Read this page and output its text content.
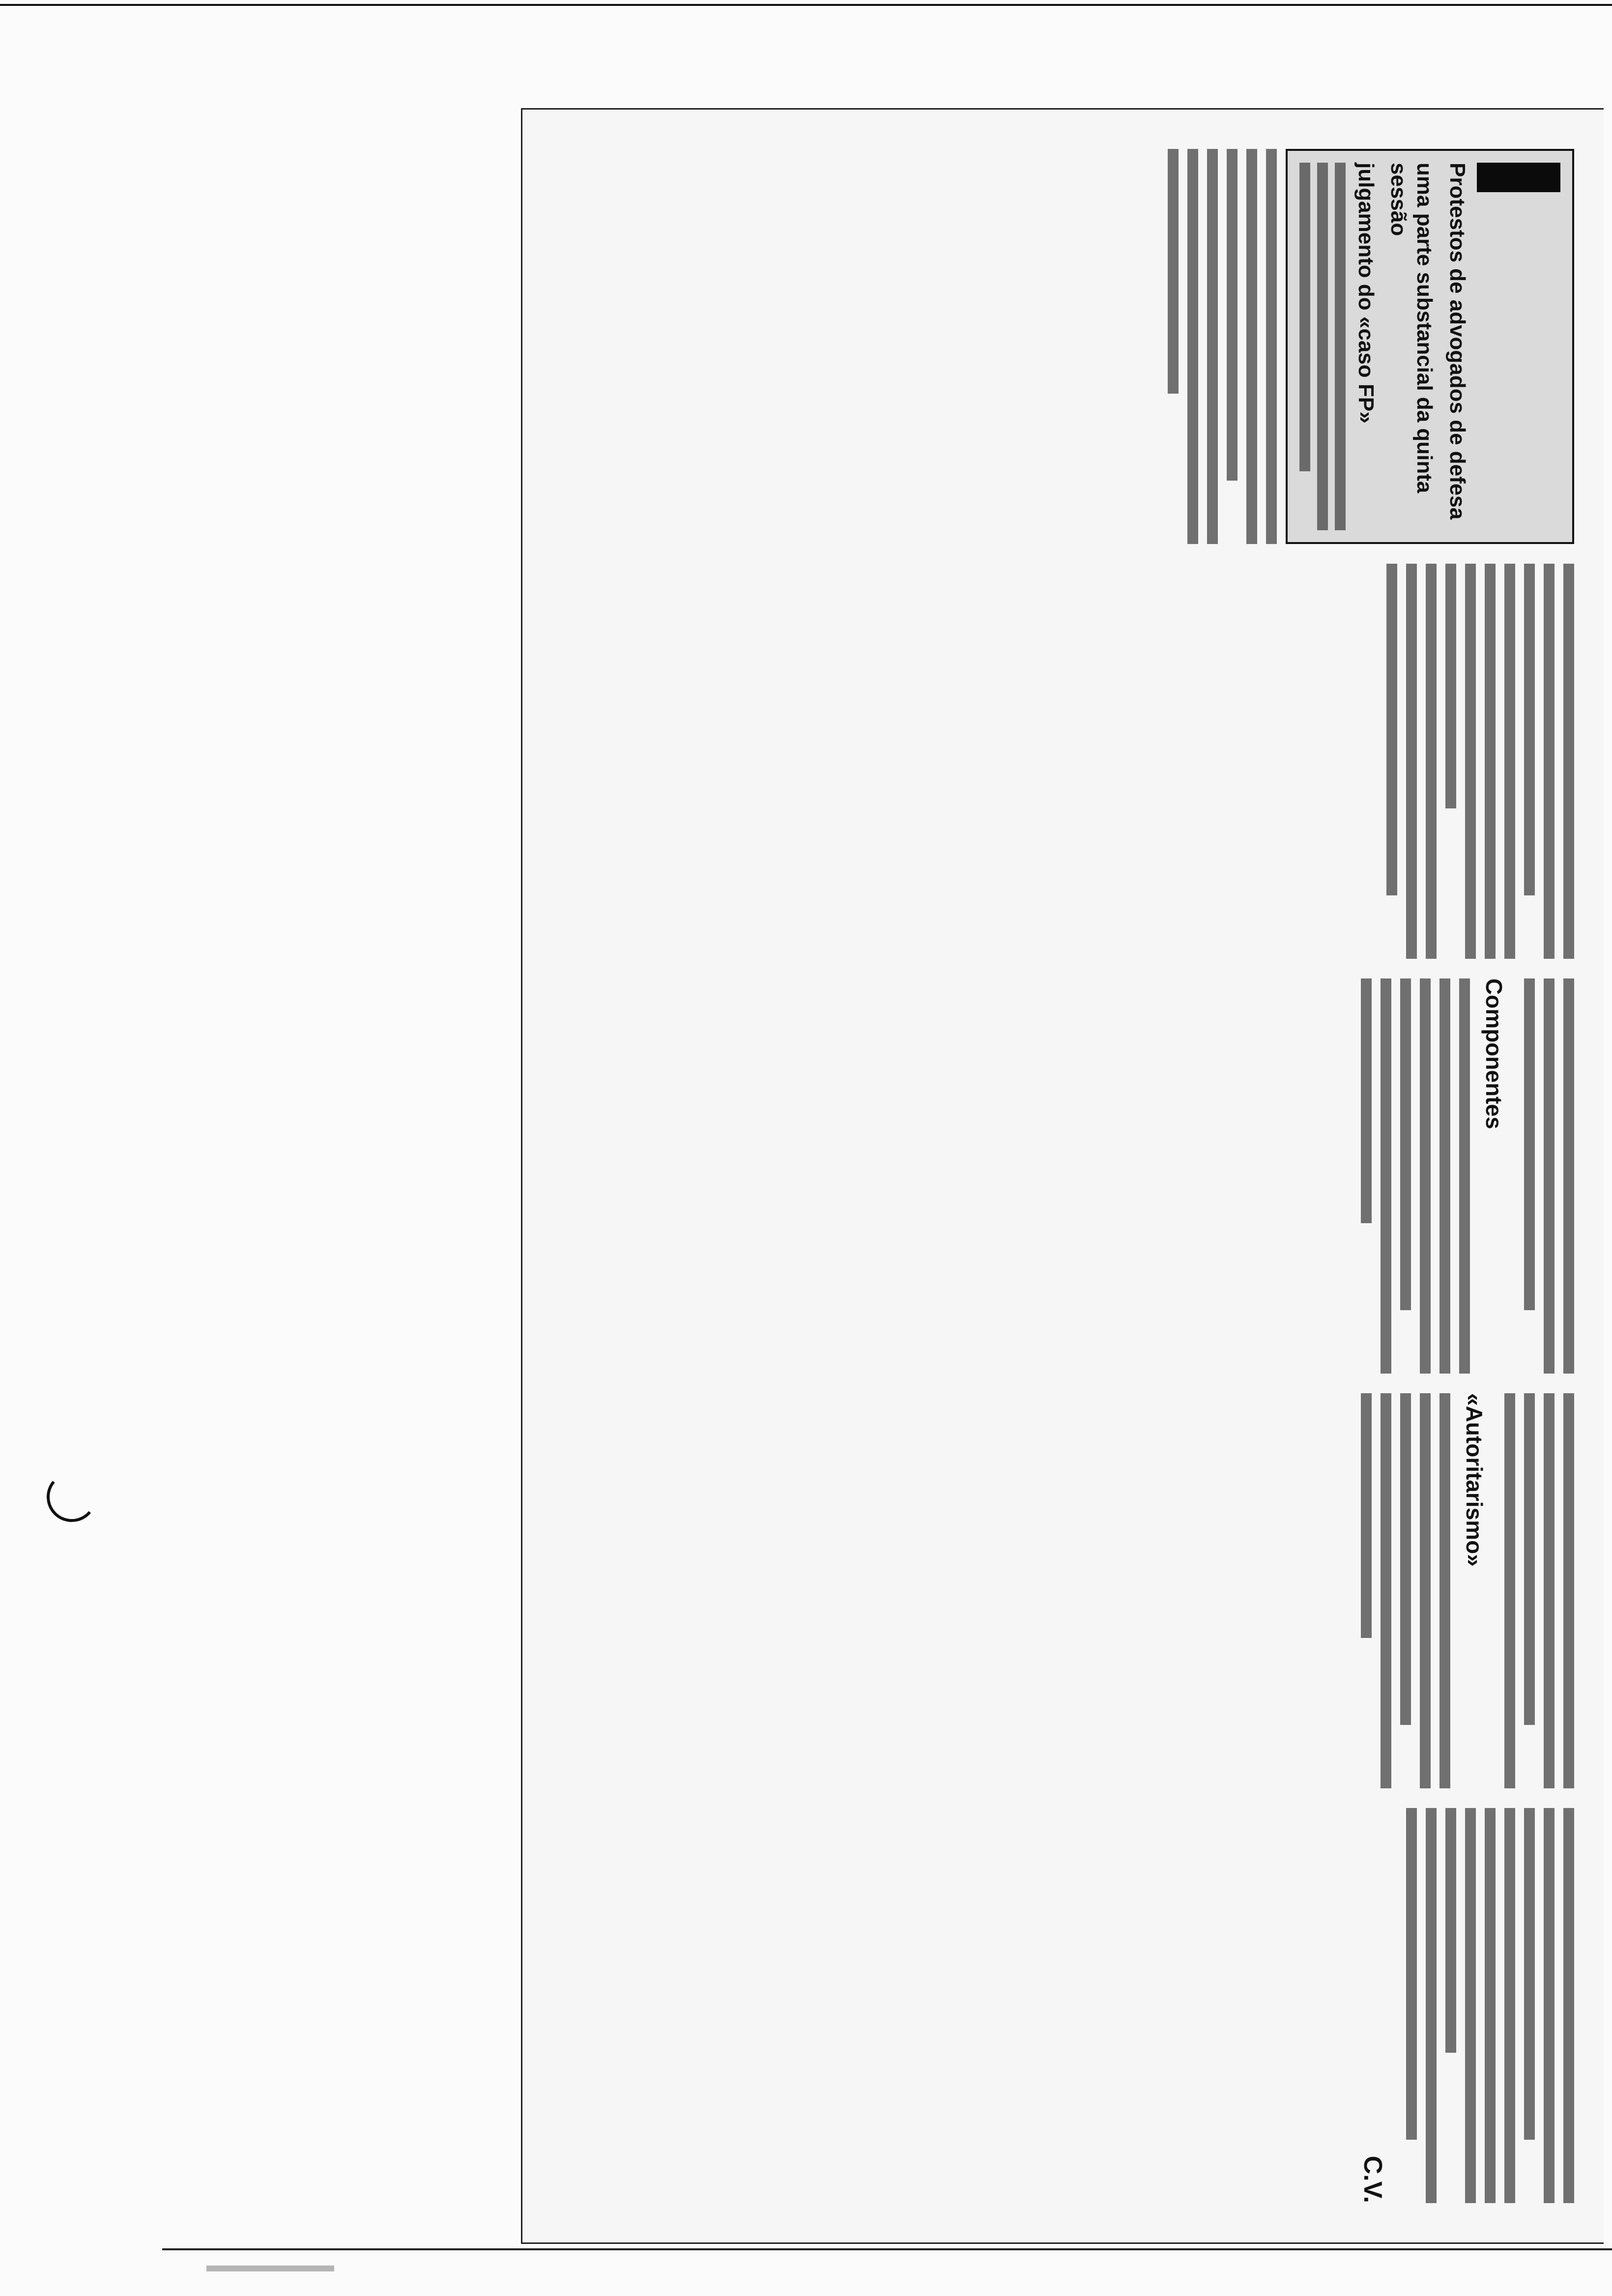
Protestos de advogados de defesa
uma parte substancial da quinta sessão
julgamento do «caso FP»
Componentes
«Autoritarismo»
C.V.
